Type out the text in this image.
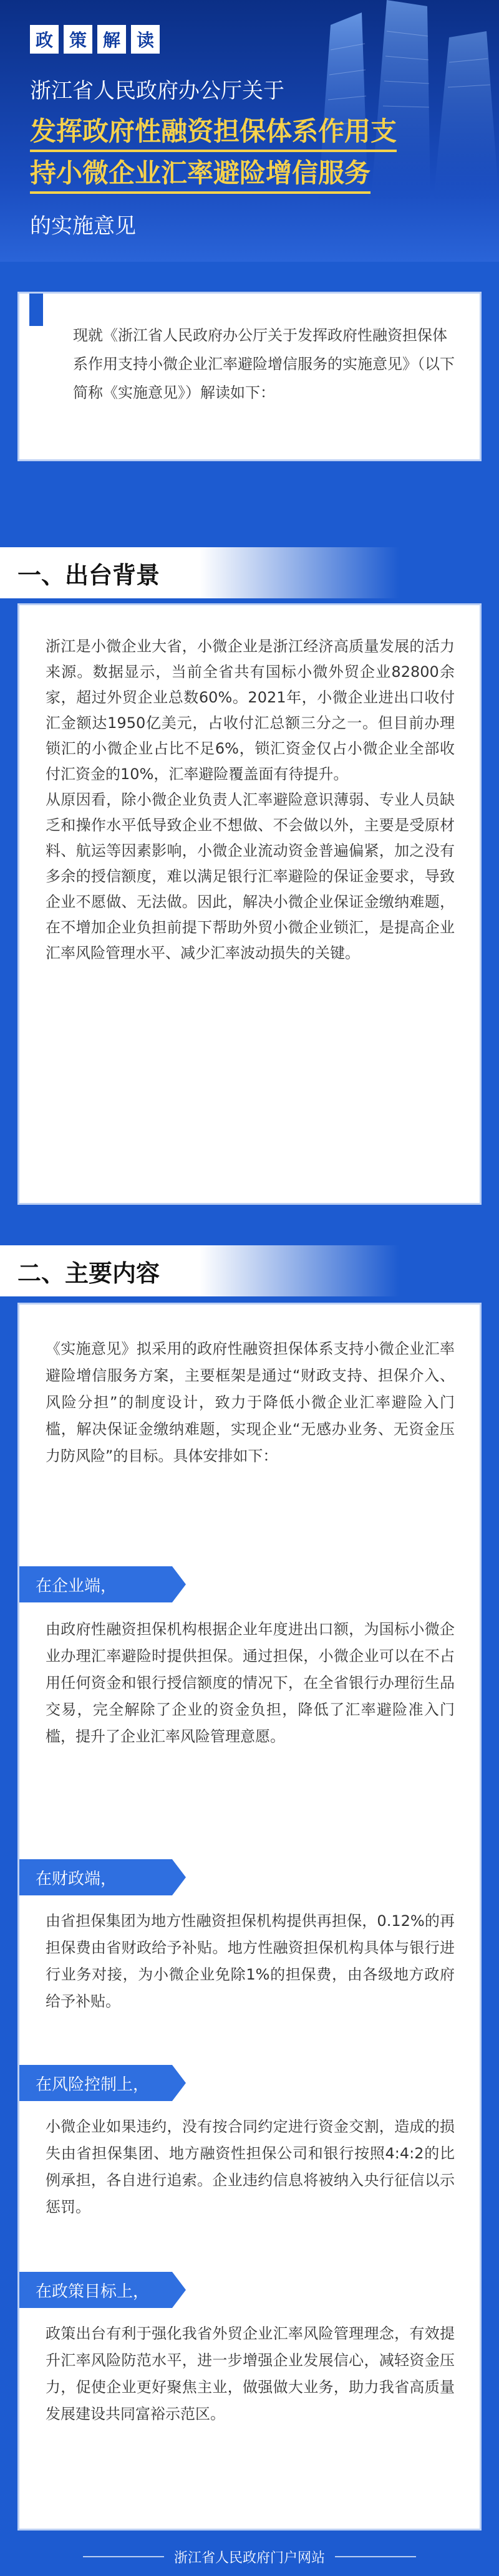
政 策 解 读
浙江省人民政府办公厅关于
发挥政府性融资担保体系作用支
持小微企业汇率避险增信服务
的实施意见

现就《浙江省人民政府办公厅关于发挥政府性融资担保体系作用支持小微企业汇率避险增信服务的实施意见》（以下简称《实施意见》）解读如下：

一、出台背景

浙江是小微企业大省，小微企业是浙江经济高质量发展的活力来源。数据显示，当前全省共有国标小微外贸企业82800余家，超过外贸企业总数60%。2021年，小微企业进出口收付汇金额达1950亿美元，占收付汇总额三分之一。但目前办理锁汇的小微企业占比不足6%，锁汇资金仅占小微企业全部收付汇资金的10%，汇率避险覆盖面有待提升。

从原因看，除小微企业负责人汇率避险意识薄弱、专业人员缺乏和操作水平低导致企业不想做、不会做以外，主要是受原材料、航运等因素影响，小微企业流动资金普遍偏紧，加之没有多余的授信额度，难以满足银行汇率避险的保证金要求，导致企业不愿做、无法做。因此，解决小微企业保证金缴纳难题，在不增加企业负担前提下帮助外贸小微企业锁汇，是提高企业汇率风险管理水平、减少汇率波动损失的关键。

二、主要内容

《实施意见》拟采用的政府性融资担保体系支持小微企业汇率避险增信服务方案，主要框架是通过“财政支持、担保介入、风险分担”的制度设计，致力于降低小微企业汇率避险入门槛，解决保证金缴纳难题，实现企业“无感办业务、无资金压力防风险”的目标。具体安排如下：

在企业端，

由政府性融资担保机构根据企业年度进出口额，为国标小微企业办理汇率避险时提供担保。通过担保，小微企业可以在不占用任何资金和银行授信额度的情况下，在全省银行办理衍生品交易，完全解除了企业的资金负担，降低了汇率避险准入门槛，提升了企业汇率风险管理意愿。

在财政端，

由省担保集团为地方性融资担保机构提供再担保，0.12%的再担保费由省财政给予补贴。地方性融资担保机构具体与银行进行业务对接，为小微企业免除1%的担保费，由各级地方政府给予补贴。

在风险控制上，

小微企业如果违约，没有按合同约定进行资金交割，造成的损失由省担保集团、地方融资性担保公司和银行按照4:4:2的比例承担，各自进行追索。企业违约信息将被纳入央行征信以示惩罚。

在政策目标上，

政策出台有利于强化我省外贸企业汇率风险管理理念，有效提升汇率风险防范水平，进一步增强企业发展信心，减轻资金压力，促使企业更好聚焦主业，做强做大业务，助力我省高质量发展建设共同富裕示范区。

浙江省人民政府门户网站
